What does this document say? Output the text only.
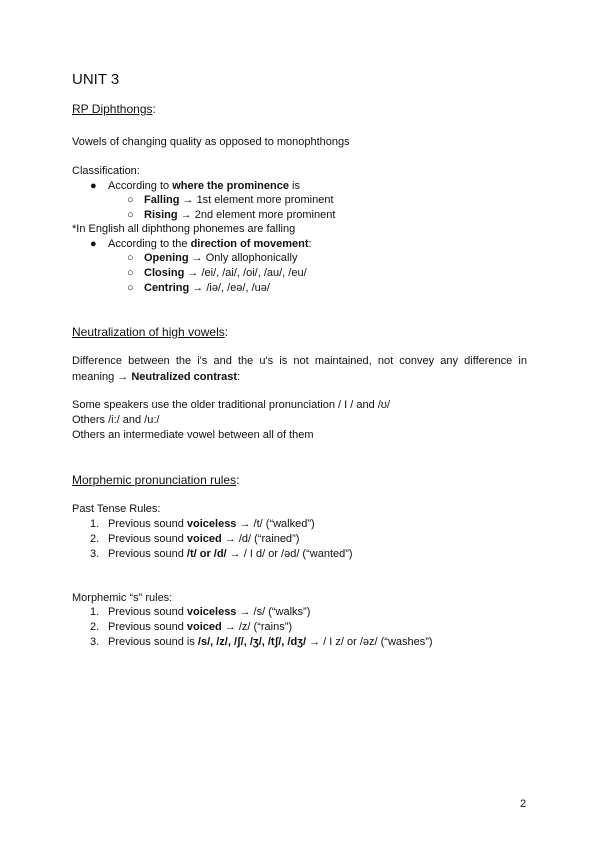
UNIT 3
RP Diphthongs:
Vowels of changing quality as opposed to monophthongs
Classification:
● According to where the prominence is
○ Falling → 1st element more prominent
○ Rising → 2nd element more prominent
*In English all diphthong phonemes are falling
● According to the direction of movement:
○ Opening → Only allophonically
○ Closing → /ei/, /ai/, /oi/, /au/, /eu/
○ Centring → /iə/, /eə/, /uə/
Neutralization of high vowels:
Difference between the i's and the u's is not maintained, not convey any difference in
meaning → Neutralized contrast:
Some speakers use the older traditional pronunciation / I / and /ʊ/
Others /i:/ and /u:/
Others an intermediate vowel between all of them
Morphemic pronunciation rules:
Past Tense Rules:
1. Previous sound voiceless → /t/ (“walked”)
2. Previous sound voiced → /d/ (“rained”)
3. Previous sound /t/ or /d/ → / I d/ or /əd/ (“wanted”)
Morphemic “s” rules:
1. Previous sound voiceless → /s/ (“walks”)
2. Previous sound voiced → /z/ (“rains”)
3. Previous sound is /s/, /z/, /ʃ/, /ʒ/, /tʃ/, /dʒ/ → / I z/ or /əz/ (“washes”)
2
